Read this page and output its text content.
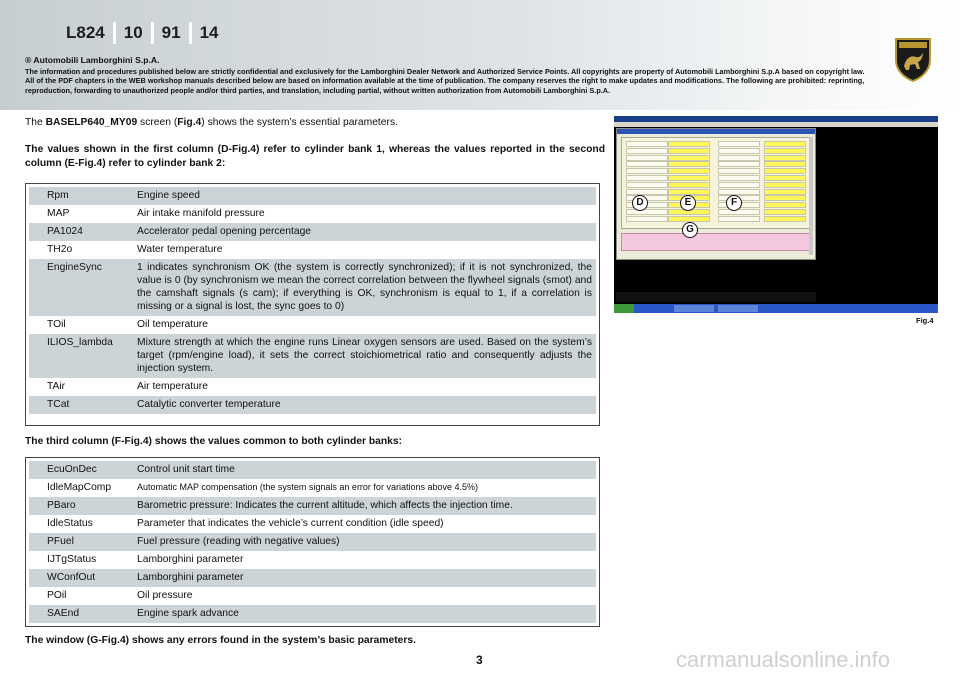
L824	10	91	14
® Automobili Lamborghini S.p.A.
The information and procedures published below are strictly confidential and exclusively for the Lamborghini Dealer Network and Authorized Service Points. All copyrights are property of Automobili Lamborghini S.p.A based on copyright law. All of the PDF chapters in the WEB workshop manuals described below are based on information available at the time of publication. The company reserves the right to make updates and modifications. The following are prohibited: reprinting, reproduction, forwarding to unauthorized people and/or third parties, and translation, including partial, without written authorization from Automobili Lamborghini S.p.A.
The BASELP640_MY09 screen (Fig.4) shows the system’s essential parameters.
The values shown in the first column (D-Fig.4) refer to cylinder bank 1, whereas the values reported in the second column (E-Fig.4) refer to cylinder bank 2:
Rpm	Engine speed
MAP	Air intake manifold pressure
PA1024	Accelerator pedal opening percentage
TH2o	Water temperature
EngineSync	1 indicates synchronism OK (the system is correctly synchronized); if it is not synchronized, the value is 0 (by synchronism we mean the correct correlation between the flywheel signals (smot) and the camshaft signals (s cam); if everything is OK, synchronism is equal to 1, if a correlation is missing or a signal is lost, the sync goes to 0)
TOil	Oil temperature
ILIOS_lambda	Mixture strength at which the engine runs Linear oxygen sensors are used. Based on the system’s target (rpm/engine load), it sets the correct stoichiometrical ratio and consequently adjusts the injection system.
TAir	Air temperature
TCat	Catalytic converter temperature
The third column (F-Fig.4) shows the values common to both cylinder banks:
EcuOnDec	Control unit start time
IdleMapComp	Automatic MAP compensation (the system signals an error for variations above 4.5%)
PBaro	Barometric pressure: Indicates the current altitude, which affects the injection time.
IdleStatus	Parameter that indicates the vehicle’s current condition (idle speed)
PFuel	Fuel pressure (reading with negative values)
IJTgStatus	Lamborghini parameter
WConfOut	Lamborghini parameter
POil	Oil pressure
SAEnd	Engine spark advance
The window (G-Fig.4) shows any errors found in the system’s basic parameters.
D	E	F
G
Fig.4
3	carmanualsonline.info
